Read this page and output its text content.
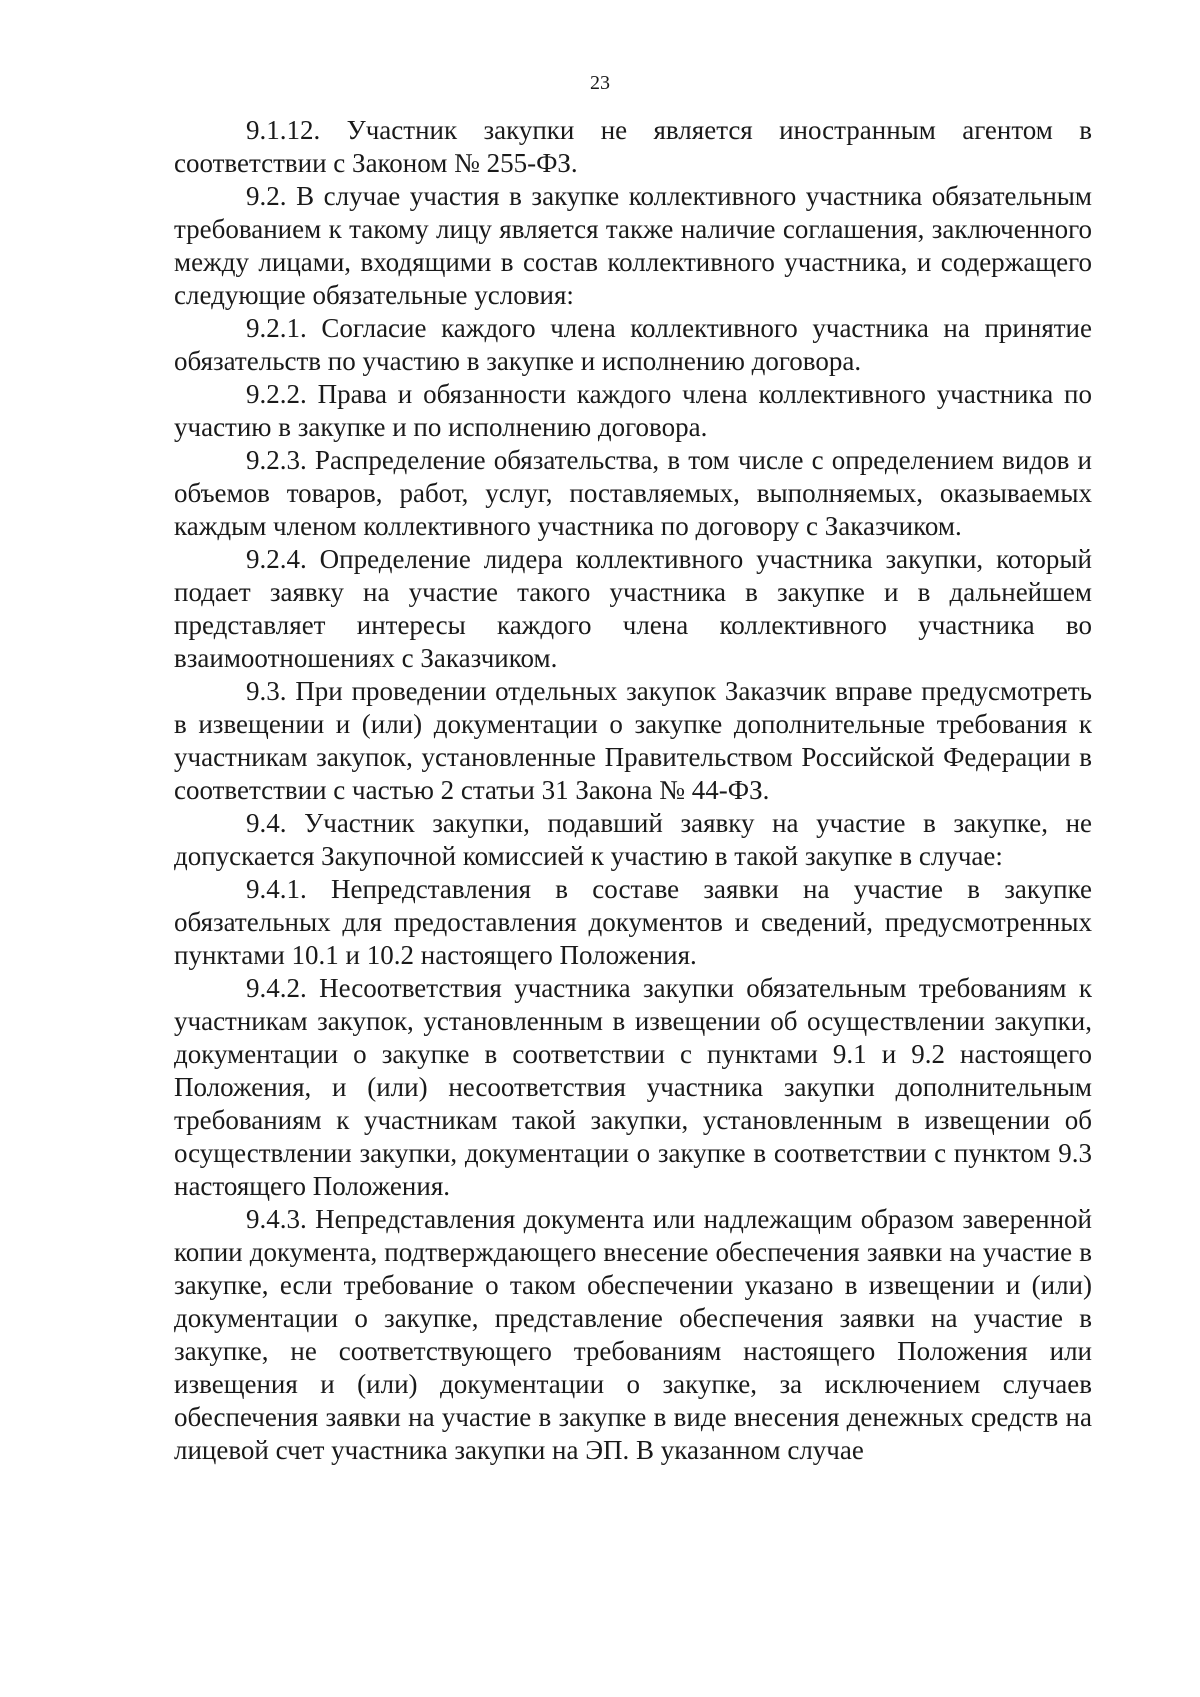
23

9.1.12. Участник закупки не является иностранным агентом в соответствии с Законом № 255-ФЗ.

9.2. В случае участия в закупке коллективного участника обязательным требованием к такому лицу является также наличие соглашения, заключенного между лицами, входящими в состав коллективного участника, и содержащего следующие обязательные условия:

9.2.1. Согласие каждого члена коллективного участника на принятие обязательств по участию в закупке и исполнению договора.

9.2.2. Права и обязанности каждого члена коллективного участника по участию в закупке и по исполнению договора.

9.2.3. Распределение обязательства, в том числе с определением видов и объемов товаров, работ, услуг, поставляемых, выполняемых, оказываемых каждым членом коллективного участника по договору с Заказчиком.

9.2.4. Определение лидера коллективного участника закупки, который подает заявку на участие такого участника в закупке и в дальнейшем представляет интересы каждого члена коллективного участника во взаимоотношениях с Заказчиком.

9.3. При проведении отдельных закупок Заказчик вправе предусмотреть в извещении и (или) документации о закупке дополнительные требования к участникам закупок, установленные Правительством Российской Федерации в соответствии с частью 2 статьи 31 Закона № 44-ФЗ.

9.4. Участник закупки, подавший заявку на участие в закупке, не допускается Закупочной комиссией к участию в такой закупке в случае:

9.4.1. Непредставления в составе заявки на участие в закупке обязательных для предоставления документов и сведений, предусмотренных пунктами 10.1 и 10.2 настоящего Положения.

9.4.2. Несоответствия участника закупки обязательным требованиям к участникам закупок, установленным в извещении об осуществлении закупки, документации о закупке в соответствии с пунктами 9.1 и 9.2 настоящего Положения, и (или) несоответствия участника закупки дополнительным требованиям к участникам такой закупки, установленным в извещении об осуществлении закупки, документации о закупке в соответствии с пунктом 9.3 настоящего Положения.

9.4.3. Непредставления документа или надлежащим образом заверенной копии документа, подтверждающего внесение обеспечения заявки на участие в закупке, если требование о таком обеспечении указано в извещении и (или) документации о закупке, представление обеспечения заявки на участие в закупке, не соответствующего требованиям настоящего Положения или извещения и (или) документации о закупке, за исключением случаев обеспечения заявки на участие в закупке в виде внесения денежных средств на лицевой счет участника закупки на ЭП. В указанном случае
